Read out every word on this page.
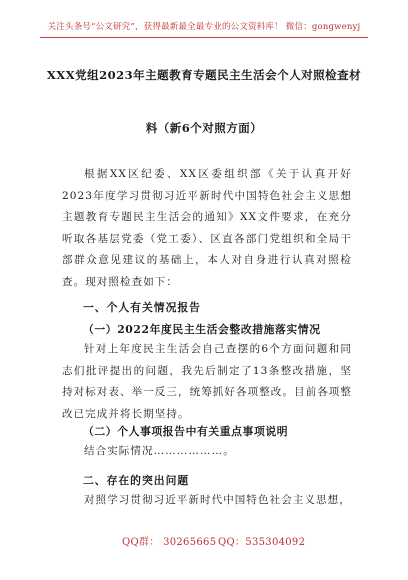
关注头条号“公文研究”，获得最新最全最专业的公文资料库！ 微信：gongwenyj
XXX党组2023年主题教育专题民主生活会个人对照检查材
料（新6个对照方面）
根据XX区纪委、XX区委组织部《关于认真开好2023年度学习贯彻习近平新时代中国特色社会主义思想主题教育专题民主生活会的通知》XX文件要求，在充分听取各基层党委（党工委）、区直各部门党组织和全局干部群众意见建议的基础上，本人对自身进行认真对照检查。现对照检查如下：
一、个人有关情况报告
（一）2022年度民主生活会整改措施落实情况
针对上年度民主生活会自己查摆的6个方面问题和同志们批评提出的问题，我先后制定了13条整改措施，坚持对标对表、举一反三，统筹抓好各项整改。目前各项整改已完成并将长期坚持。
（二）个人事项报告中有关重点事项说明
结合实际情况………………。
二、存在的突出问题
对照学习贯彻习近平新时代中国特色社会主义思想，
QQ群： 30265665 QQ：535304092
